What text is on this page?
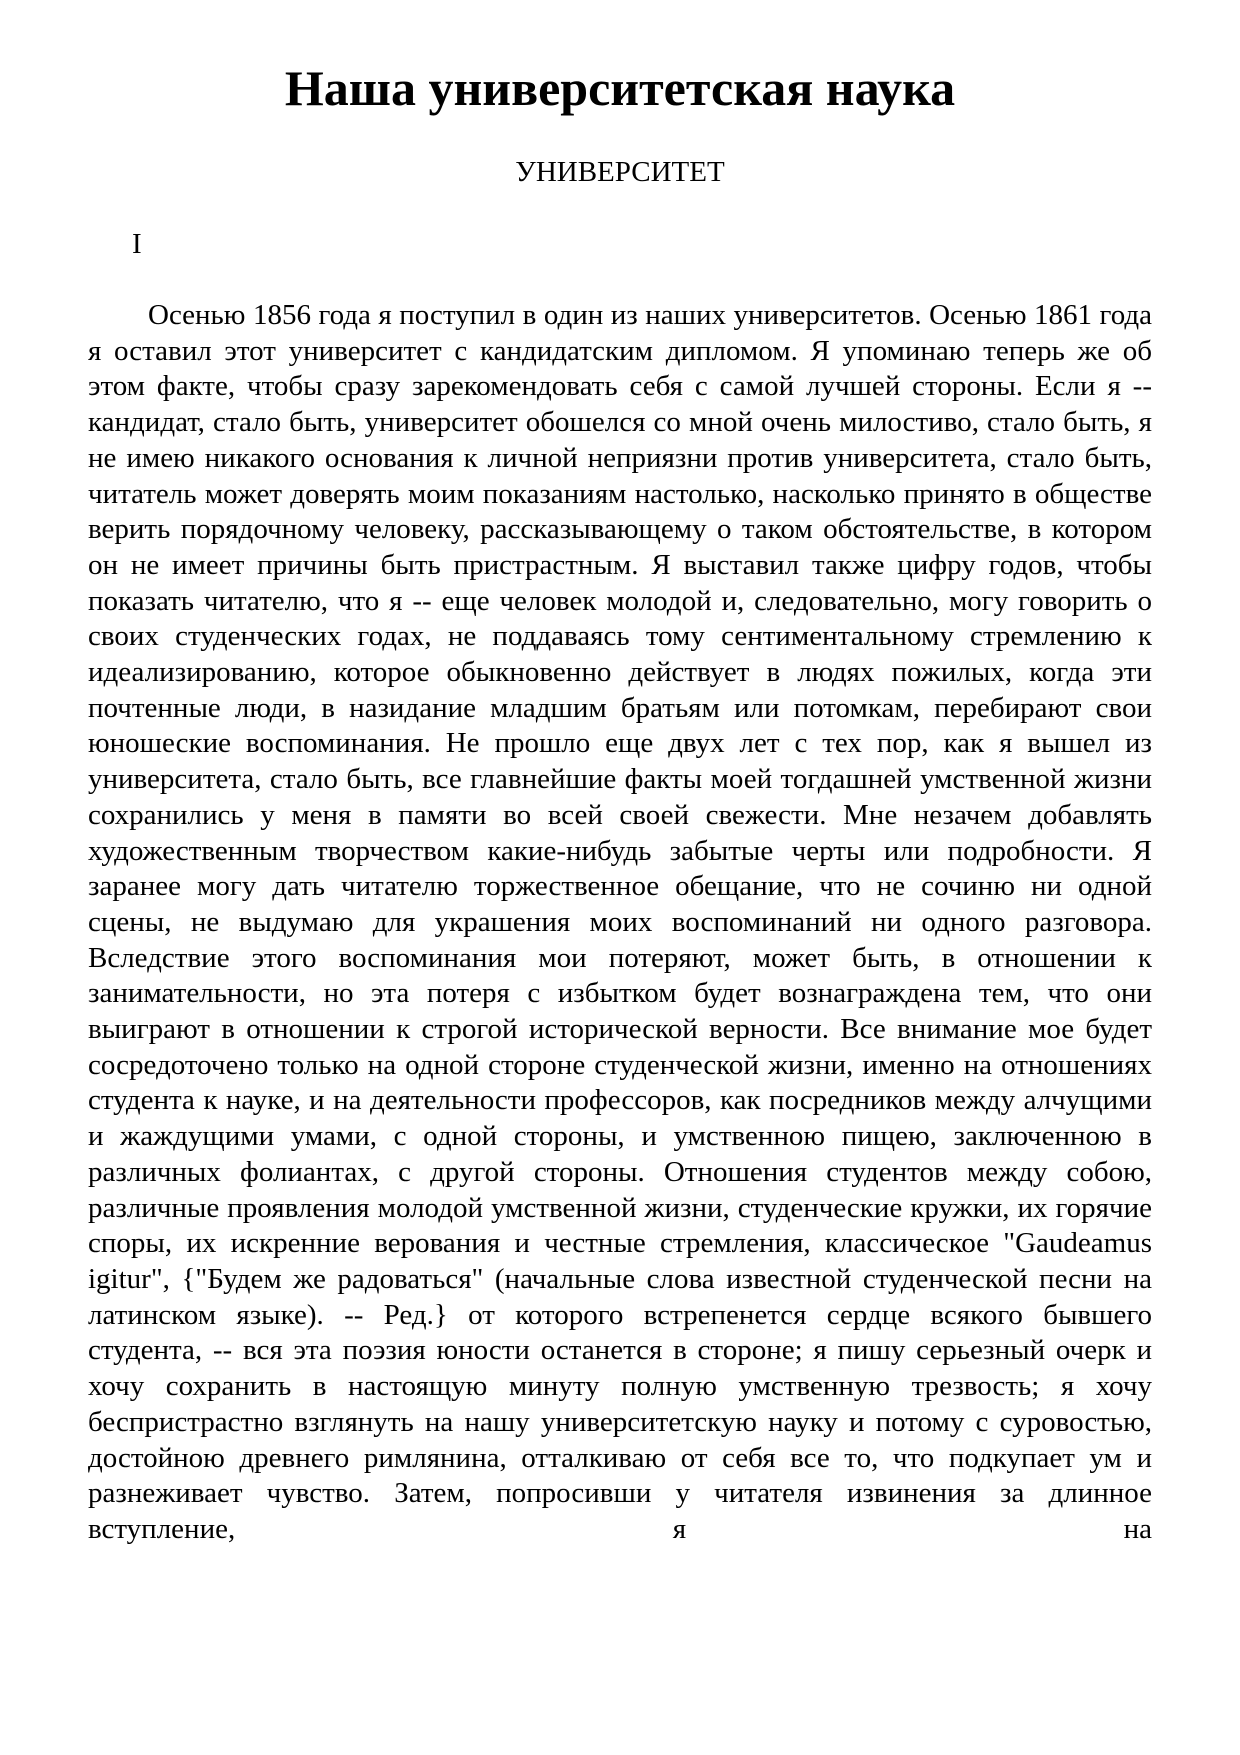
Наша университетская наука
УНИВЕРСИТЕТ
I

Осенью 1856 года я поступил в один из наших университетов. Осенью 1861 года я оставил этот университет с кандидатским дипломом. Я упоминаю теперь же об этом факте, чтобы сразу зарекомендовать себя с самой лучшей стороны. Если я -- кандидат, стало быть, университет обошелся со мной очень милостиво, стало быть, я не имею никакого основания к личной неприязни против университета, стало быть, читатель может доверять моим показаниям настолько, насколько принято в обществе верить порядочному человеку, рассказывающему о таком обстоятельстве, в котором он не имеет причины быть пристрастным. Я выставил также цифру годов, чтобы показать читателю, что я -- еще человек молодой и, следовательно, могу говорить о своих студенческих годах, не поддаваясь тому сентиментальному стремлению к идеализированию, которое обыкновенно действует в людях пожилых, когда эти почтенные люди, в назидание младшим братьям или потомкам, перебирают свои юношеские воспоминания. Не прошло еще двух лет с тех пор, как я вышел из университета, стало быть, все главнейшие факты моей тогдашней умственной жизни сохранились у меня в памяти во всей своей свежести. Мне незачем добавлять художественным творчеством какие-нибудь забытые черты или подробности. Я заранее могу дать читателю торжественное обещание, что не сочиню ни одной сцены, не выдумаю для украшения моих воспоминаний ни одного разговора. Вследствие этого воспоминания мои потеряют, может быть, в отношении к занимательности, но эта потеря с избытком будет вознаграждена тем, что они выиграют в отношении к строгой исторической верности. Все внимание мое будет сосредоточено только на одной стороне студенческой жизни, именно на отношениях студента к науке, и на деятельности профессоров, как посредников между алчущими и жаждущими умами, с одной стороны, и умственною пищею, заключенною в различных фолиантах, с другой стороны. Отношения студентов между собою, различные проявления молодой умственной жизни, студенческие кружки, их горячие споры, их искренние верования и честные стремления, классическое "Gaudeamus igitur", {"Будем же радоваться" (начальные слова известной студенческой песни на латинском языке). -- Ред.} от которого встрепенется сердце всякого бывшего студента, -- вся эта поэзия юности останется в стороне; я пишу серьезный очерк и хочу сохранить в настоящую минуту полную умственную трезвость; я хочу беспристрастно взглянуть на нашу университетскую науку и потому с суровостью, достойною древнего римлянина, отталкиваю от себя все то, что подкупает ум и разнеживает чувство. Затем, попросивши у читателя извинения за длинное вступление, я на
